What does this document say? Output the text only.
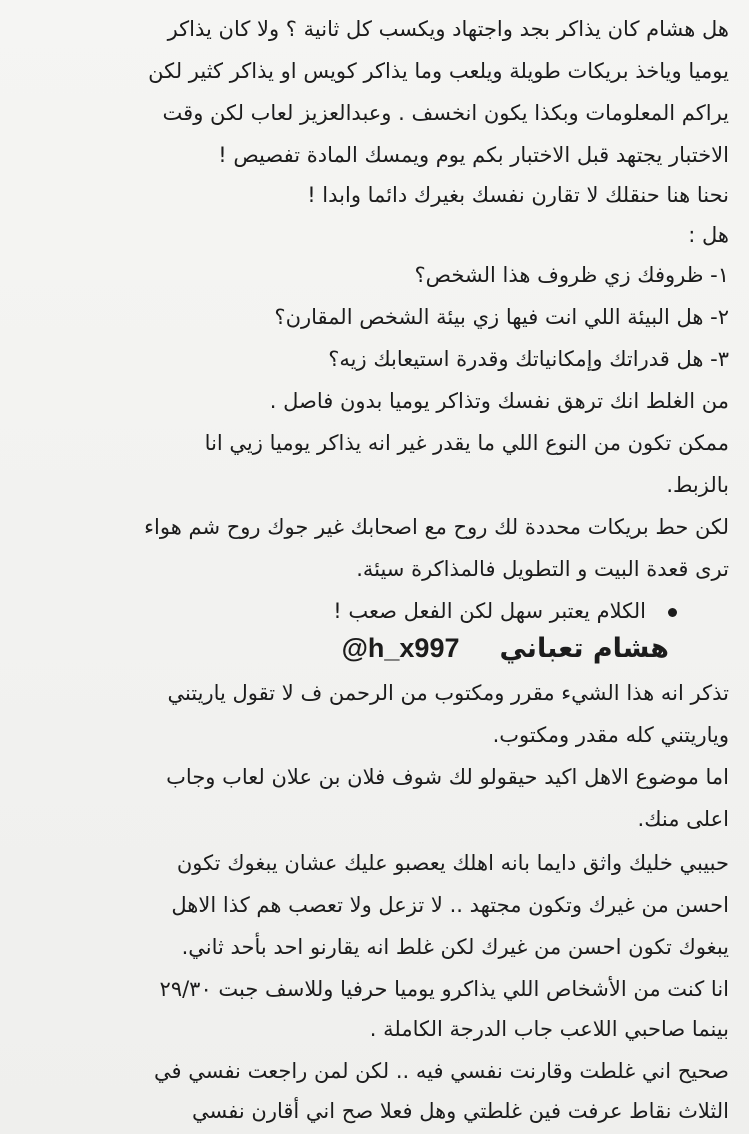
هل هشام كان يذاكر بجد واجتهاد ويكسب كل ثانية ؟ ولا كان يذاكر
يوميا وياخذ بريكات طويلة ويلعب وما يذاكر كويس او يذاكر كثير لكن
يراكم المعلومات وبكذا يكون انخسف . وعبدالعزيز لعاب لكن وقت
الاختبار يجتهد قبل الاختبار بكم يوم ويمسك المادة تفصيص !
نحنا هنا حنقلك لا تقارن نفسك بغيرك دائما وابدا !
هل :
١- ظروفك زي ظروف هذا الشخص؟
٢- هل البيئة اللي انت فيها زي بيئة الشخص المقارن؟
٣- هل قدراتك وإمكانياتك وقدرة استيعابك زيه؟
من الغلط انك ترهق نفسك وتذاكر يوميا بدون فاصل .
ممكن تكون من النوع اللي ما يقدر غير انه يذاكر يوميا زيي انا
بالزبط.
لكن حط بريكات محددة لك روح مع اصحابك غير جوك روح شم هواء
ترى قعدة البيت و التطويل فالمذاكرة سيئة.
الكلام يعتبر سهل لكن الفعل صعب !
@h_x997 هشام تعباني
تذكر انه هذا الشيء مقرر ومكتوب من الرحمن ف لا تقول ياريتني
وياريتني كله مقدر ومكتوب.
اما موضوع الاهل اكيد حيقولو لك شوف فلان بن علان لعاب وجاب
اعلى منك.
حبيبي خليك واثق دايما بانه اهلك يعصبو عليك عشان يبغوك تكون
احسن من غيرك وتكون مجتهد .. لا تزعل ولا تعصب هم كذا الاهل
يبغوك تكون احسن من غيرك لكن غلط انه يقارنو احد بأحد ثاني.
انا كنت من الأشخاص اللي يذاكرو يوميا حرفيا وللاسف جبت ٢٩/٣٠
بينما صاحبي اللاعب جاب الدرجة الكاملة .
صحيح اني غلطت وقارنت نفسي فيه .. لكن لمن راجعت نفسي في
الثلاث نقاط عرفت فين غلطتي وهل فعلا صح اني أقارن نفسي
